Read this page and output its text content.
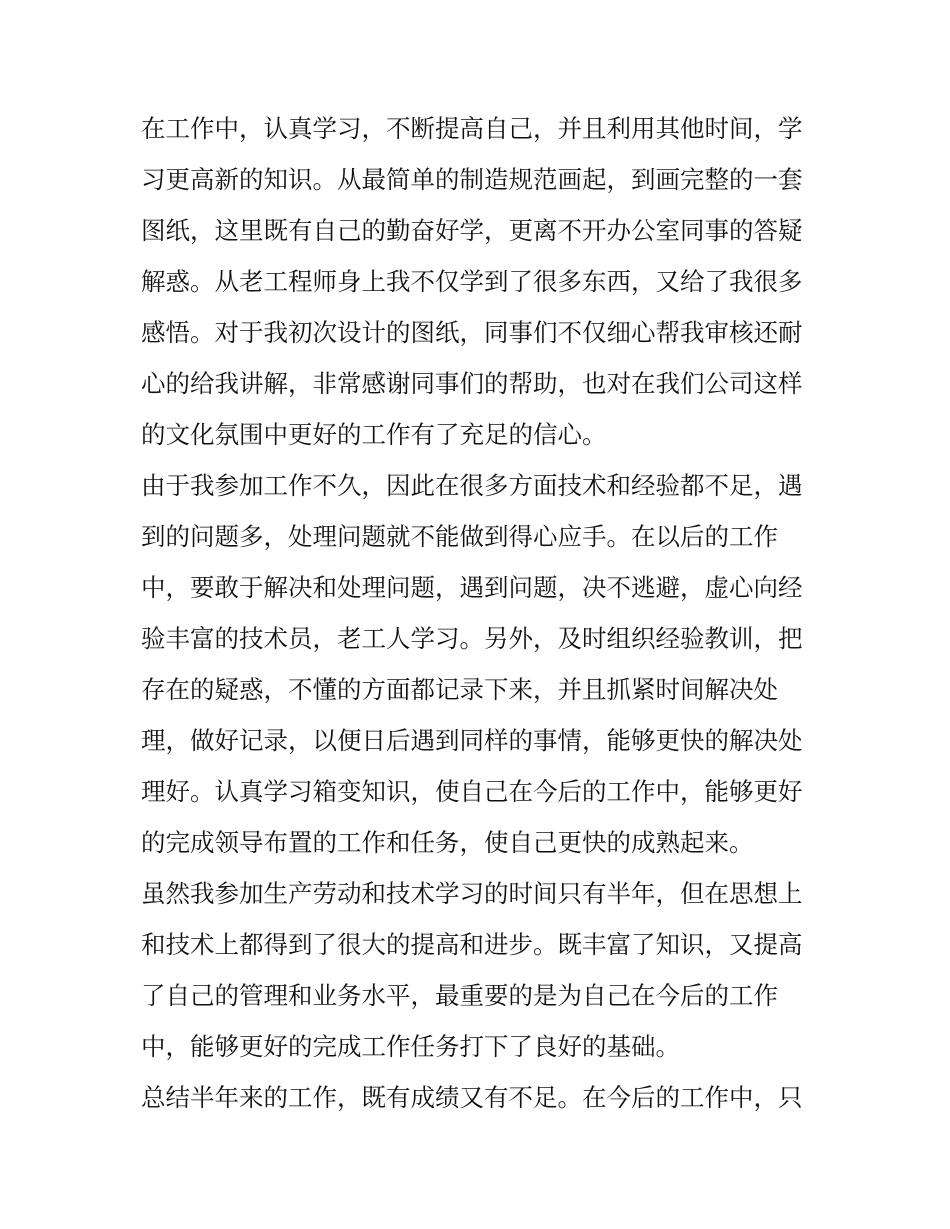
在工作中，认真学习，不断提高自己，并且利用其他时间，学
习更高新的知识。从最简单的制造规范画起，到画完整的一套
图纸，这里既有自己的勤奋好学，更离不开办公室同事的答疑
解惑。从老工程师身上我不仅学到了很多东西，又给了我很多
感悟。对于我初次设计的图纸，同事们不仅细心帮我审核还耐
心的给我讲解，非常感谢同事们的帮助，也对在我们公司这样
的文化氛围中更好的工作有了充足的信心。
由于我参加工作不久，因此在很多方面技术和经验都不足，遇
到的问题多，处理问题就不能做到得心应手。在以后的工作
中，要敢于解决和处理问题，遇到问题，决不逃避，虚心向经
验丰富的技术员，老工人学习。另外，及时组织经验教训，把
存在的疑惑，不懂的方面都记录下来，并且抓紧时间解决处
理，做好记录，以便日后遇到同样的事情，能够更快的解决处
理好。认真学习箱变知识，使自己在今后的工作中，能够更好
的完成领导布置的工作和任务，使自己更快的成熟起来。
虽然我参加生产劳动和技术学习的时间只有半年，但在思想上
和技术上都得到了很大的提高和进步。既丰富了知识，又提高
了自己的管理和业务水平，最重要的是为自己在今后的工作
中，能够更好的完成工作任务打下了良好的基础。
总结半年来的工作，既有成绩又有不足。在今后的工作中，只
